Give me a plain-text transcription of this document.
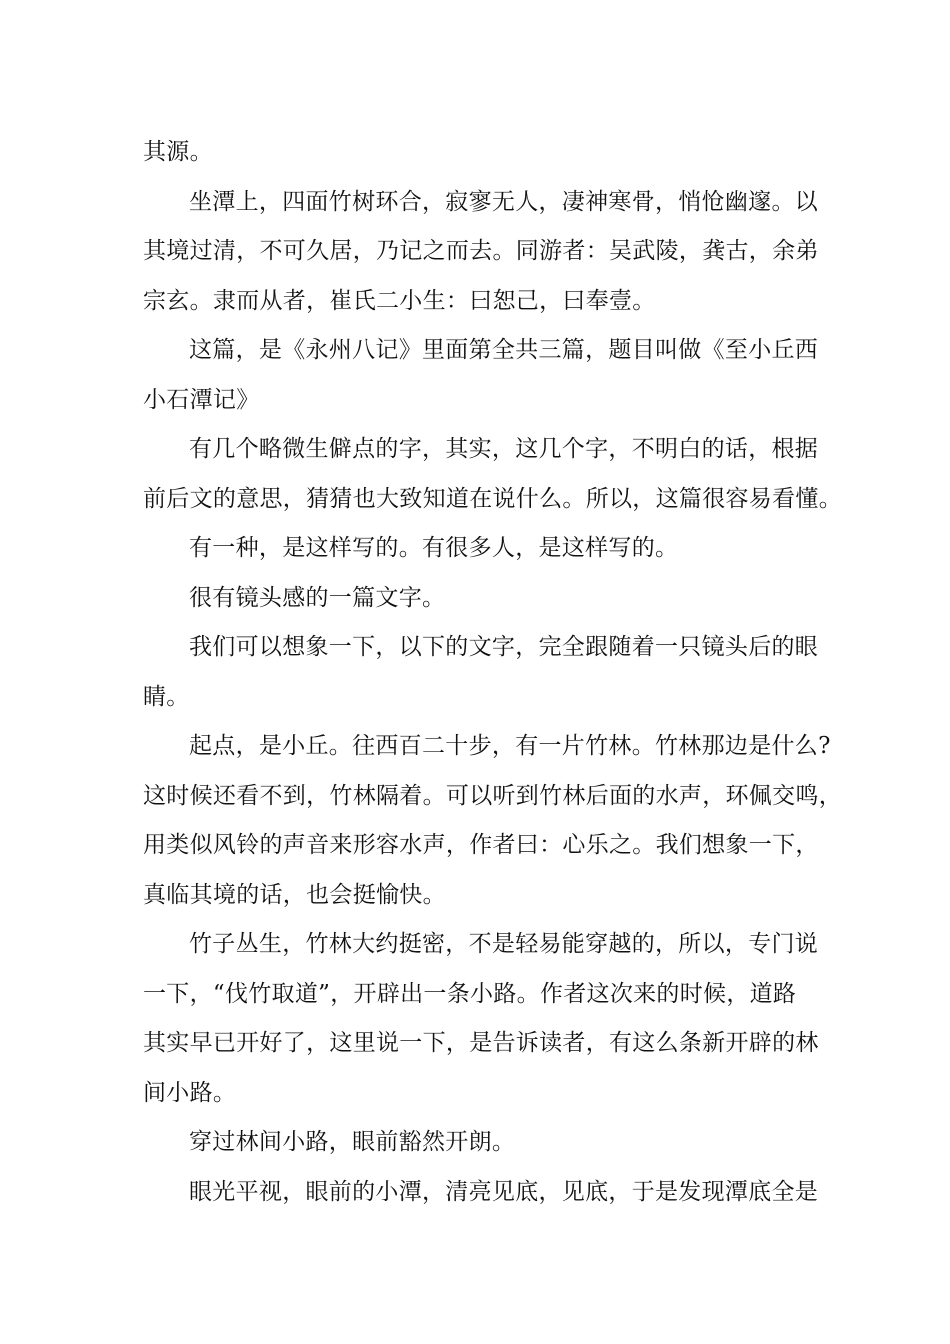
其源。

坐潭上，四面竹树环合，寂寥无人，凄神寒骨，悄怆幽邃。以
其境过清，不可久居，乃记之而去。同游者：吴武陵，龚古，余弟
宗玄。隶而从者，崔氏二小生：曰恕己，曰奉壹。

这篇，是《永州八记》里面第全共三篇，题目叫做《至小丘西
小石潭记》

有几个略微生僻点的字，其实，这几个字，不明白的话，根据
前后文的意思，猜猜也大致知道在说什么。所以，这篇很容易看懂。

有一种，是这样写的。有很多人，是这样写的。

很有镜头感的一篇文字。

我们可以想象一下，以下的文字，完全跟随着一只镜头后的眼
睛。

起点，是小丘。往西百二十步，有一片竹林。竹林那边是什么?
这时候还看不到，竹林隔着。可以听到竹林后面的水声，环佩交鸣，
用类似风铃的声音来形容水声，作者曰：心乐之。我们想象一下，
真临其境的话，也会挺愉快。

竹子丛生，竹林大约挺密，不是轻易能穿越的，所以，专门说
一下，“伐竹取道”，开辟出一条小路。作者这次来的时候，道路
其实早已开好了，这里说一下，是告诉读者，有这么条新开辟的林
间小路。

穿过林间小路，眼前豁然开朗。

眼光平视，眼前的小潭，清亮见底，见底，于是发现潭底全是
